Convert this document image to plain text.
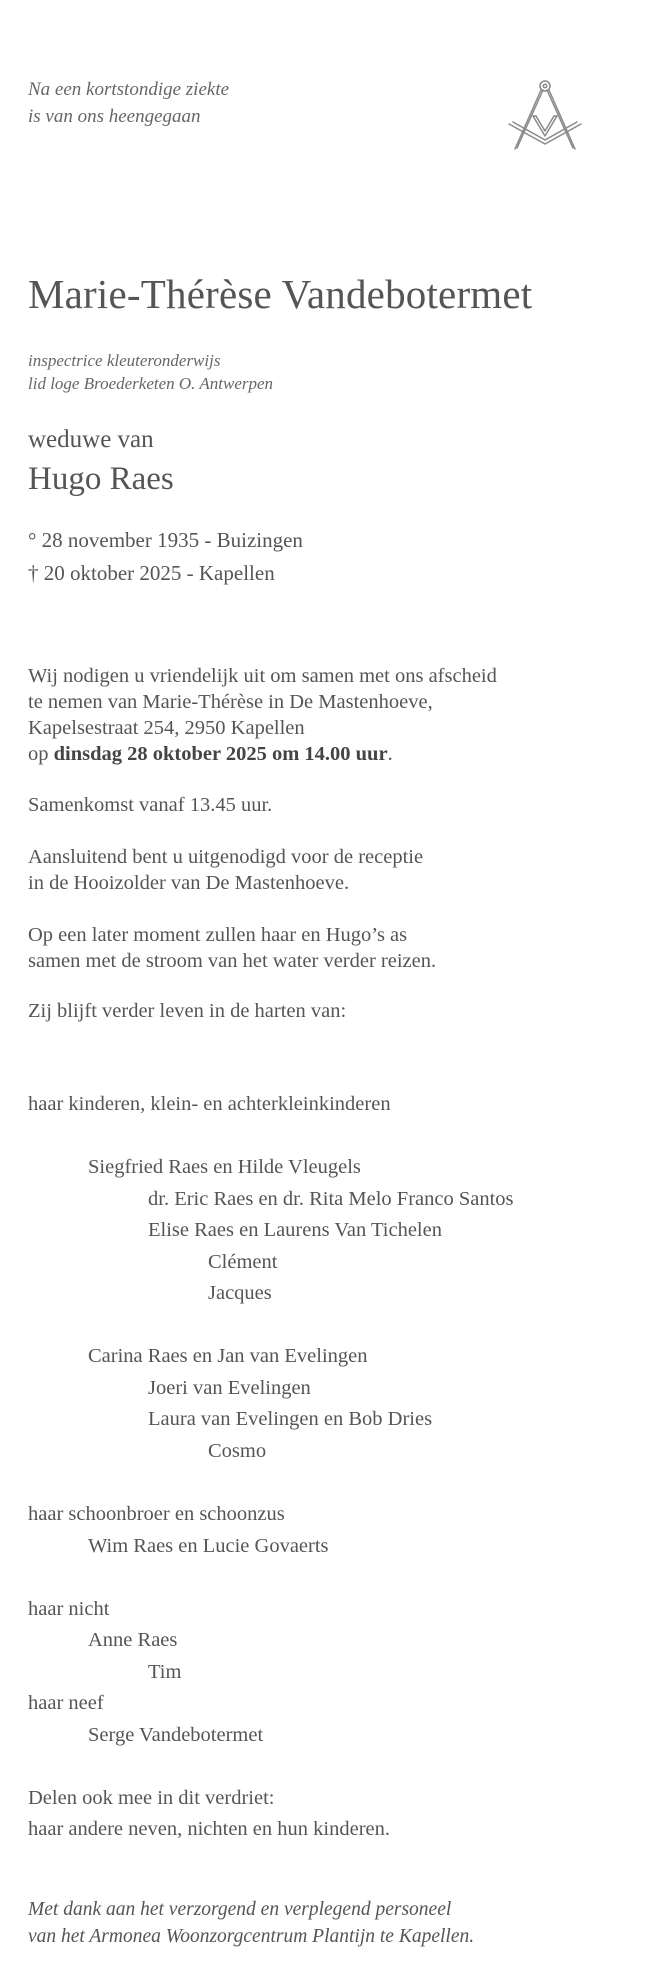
Na een kortstondige ziekte
is van ons heengegaan
Marie-Thérèse Vandebotermet
inspectrice kleuteronderwijs
lid loge Broederketen O. Antwerpen
weduwe van
Hugo Raes
° 28 november 1935 - Buizingen
† 20 oktober 2025 - Kapellen
Wij nodigen u vriendelijk uit om samen met ons afscheid
te nemen van Marie-Thérèse in De Mastenhoeve,
Kapelsestraat 254, 2950 Kapellen
op dinsdag 28 oktober 2025 om 14.00 uur.
Samenkomst vanaf 13.45 uur.
Aansluitend bent u uitgenodigd voor de receptie
in de Hooizolder van De Mastenhoeve.
Op een later moment zullen haar en Hugo’s as
samen met de stroom van het water verder reizen.
Zij blijft verder leven in de harten van:
haar kinderen, klein- en achterkleinkinderen
Siegfried Raes en Hilde Vleugels
dr. Eric Raes en dr. Rita Melo Franco Santos
Elise Raes en Laurens Van Tichelen
Clément
Jacques
Carina Raes en Jan van Evelingen
Joeri van Evelingen
Laura van Evelingen en Bob Dries
Cosmo
haar schoonbroer en schoonzus
Wim Raes en Lucie Govaerts
haar nicht
Anne Raes
Tim
haar neef
Serge Vandebotermet
Delen ook mee in dit verdriet:
haar andere neven, nichten en hun kinderen.
Met dank aan het verzorgend en verplegend personeel
van het Armonea Woonzorgcentrum Plantijn te Kapellen.
